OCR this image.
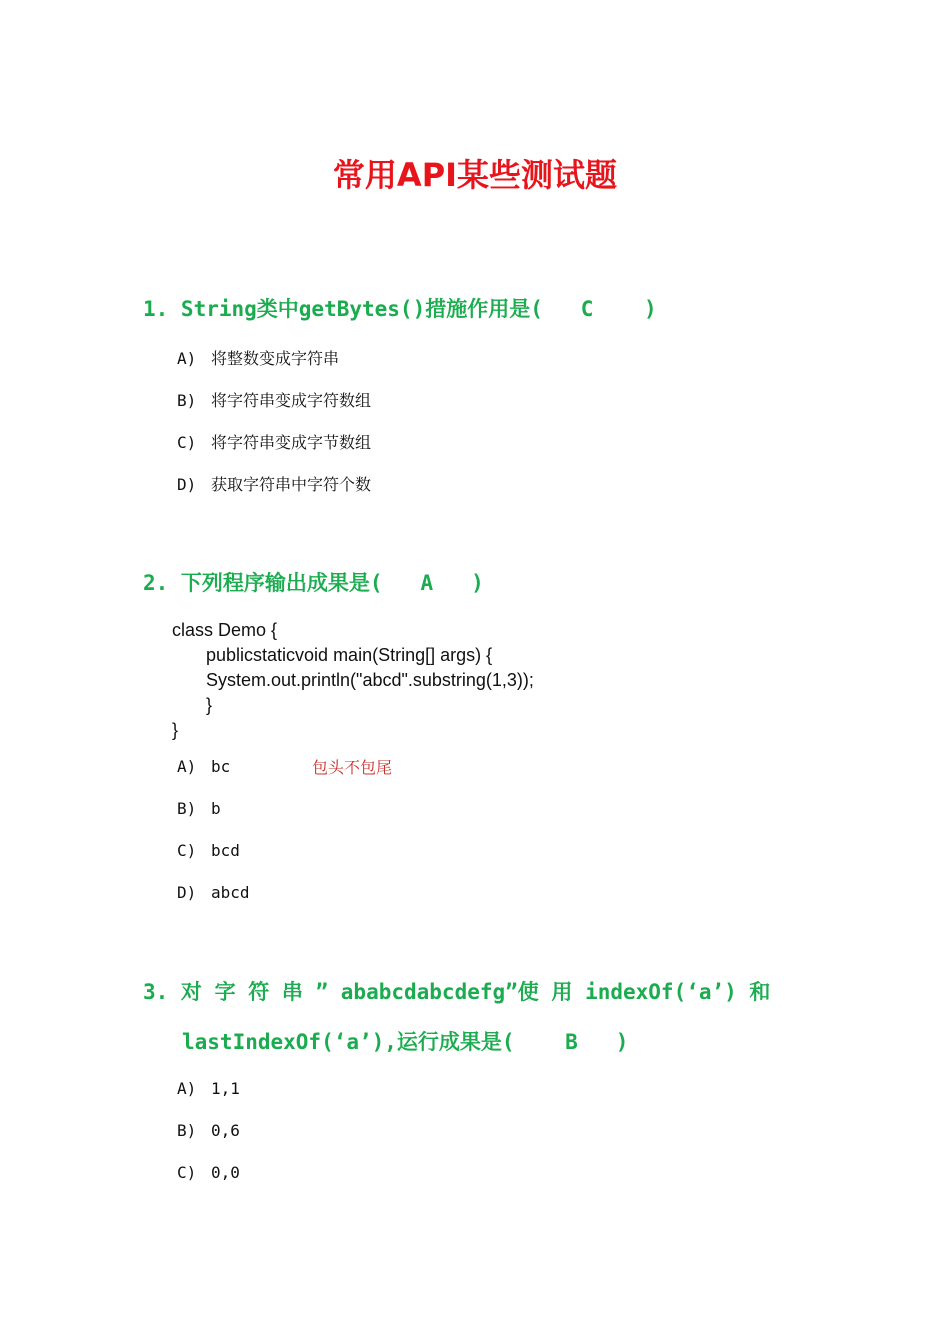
常用API某些测试题
1. String类中getBytes()措施作用是(   C    )
A) 将整数变成字符串
B) 将字符串变成字符数组
C) 将字符串变成字节数组
D) 获取字符串中字符个数
2. 下列程序输出成果是(   A   )
class Demo {
publicstaticvoid main(String[] args) {
System.out.println("abcd".substring(1,3));
}
}
A) bc	包头不包尾
B) b
C) bcd
D) abcd
3. 对 字 符 串 ” ababcdabcdefg”使 用 indexOf(‘a’) 和
lastIndexOf(‘a’),运行成果是(    B   )
A) 1,1
B) 0,6
C) 0,0
